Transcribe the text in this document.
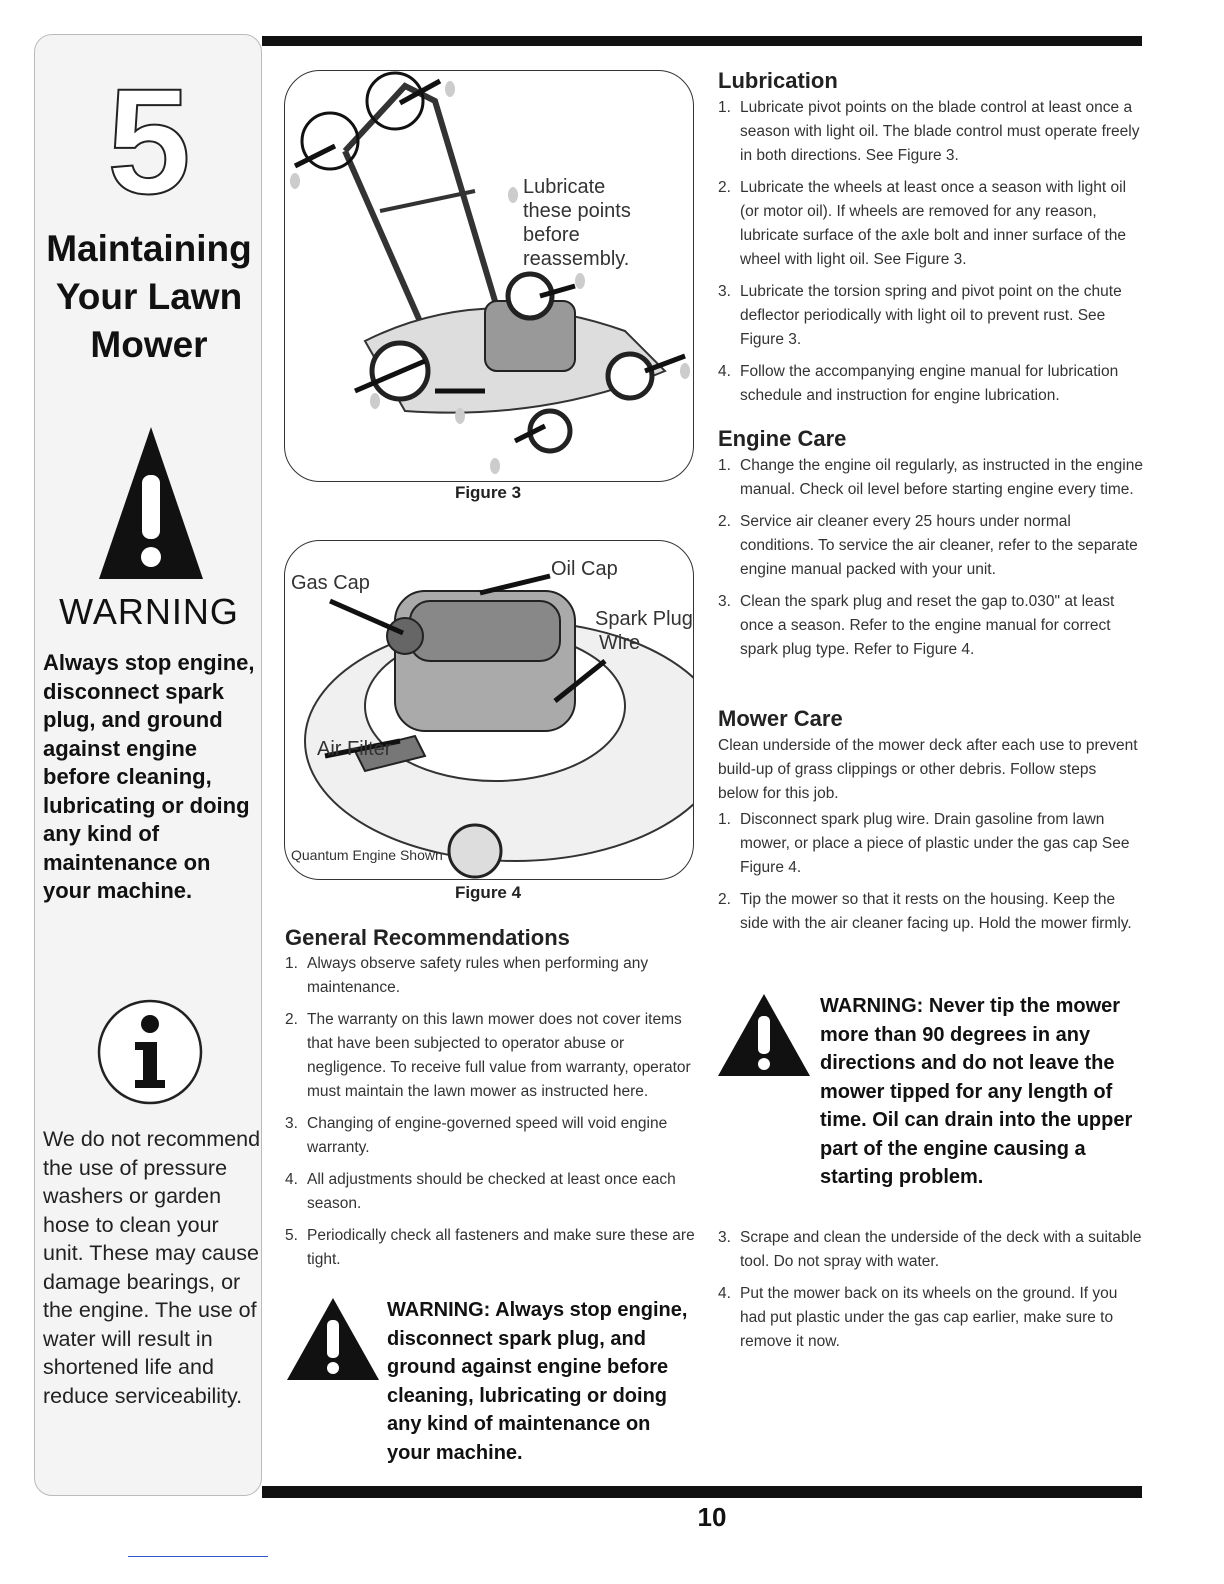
5
Maintaining
Your Lawn
Mower
WARNING
Always stop engine, disconnect spark plug, and ground against engine before cleaning, lubricating or doing any kind of maintenance on your machine.
We do not recommend the use of pressure washers or garden hose to clean your unit. These may cause damage bearings, or the engine. The use of water will result in shortened life and reduce serviceability.
Lubricate
these points
before
reassembly.
Figure 3
Gas Cap
Oil Cap
Spark Plug
Wire
Air Filter
Quantum Engine Shown
Figure 4
General Recommendations
1. Always observe safety rules when performing any maintenance.
2. The warranty on this lawn mower does not cover items that have been subjected to operator abuse or negligence. To receive full value from warranty, operator must maintain the lawn mower as instructed here.
3. Changing of engine-governed speed will void engine warranty.
4. All adjustments should be checked at least once each season.
5. Periodically check all fasteners and make sure these are tight.
WARNING: Always stop engine, disconnect spark plug, and ground against engine before cleaning, lubricating or doing any kind of maintenance on your machine.
Lubrication
1. Lubricate pivot points on the blade control at least once a season with light oil. The blade control must operate freely in both directions. See Figure 3.
2. Lubricate the wheels at least once a season with light oil (or motor oil). If wheels are removed for any reason, lubricate surface of the axle bolt and inner surface of the wheel with light oil. See Figure 3.
3. Lubricate the torsion spring and pivot point on the chute deflector periodically with light oil to prevent rust. See Figure 3.
4. Follow the accompanying engine manual for lubrication schedule and instruction for engine lubrication.
Engine Care
1. Change the engine oil regularly, as instructed in the engine manual. Check oil level before starting engine every time.
2. Service air cleaner every 25 hours under normal conditions. To service the air cleaner, refer to the separate engine manual packed with your unit.
3. Clean the spark plug and reset the gap to.030" at least once a season. Refer to the engine manual for correct spark plug type. Refer to Figure 4.
Mower Care
Clean underside of the mower deck after each use to prevent build-up of grass clippings or other debris. Follow steps below for this job.
1. Disconnect spark plug wire. Drain gasoline from lawn mower, or place a piece of plastic under the gas cap See Figure 4.
2. Tip the mower so that it rests on the housing. Keep the side with the air cleaner facing up. Hold the mower firmly.
WARNING: Never tip the mower more than 90 degrees in any directions and do not leave the mower tipped for any length of time. Oil can drain into the upper part of the engine causing a starting problem.
3. Scrape and clean the underside of the deck with a suitable tool. Do not spray with water.
4. Put the mower back on its wheels on the ground. If you had put plastic under the gas cap earlier, make sure to remove it now.
10
